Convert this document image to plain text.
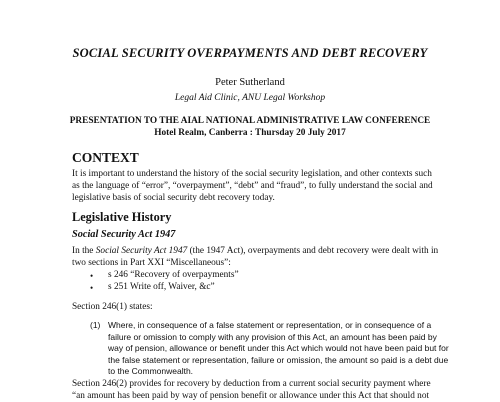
SOCIAL SECURITY OVERPAYMENTS AND DEBT RECOVERY
Peter Sutherland
Legal Aid Clinic, ANU Legal Workshop
PRESENTATION TO THE AIAL NATIONAL ADMINISTRATIVE LAW CONFERENCE
Hotel Realm, Canberra : Thursday 20 July 2017
CONTEXT
It is important to understand the history of the social security legislation, and other contexts such
as the language of “error”, “overpayment”, “debt” and “fraud”, to fully understand the social and
legislative basis of social security debt recovery today.
Legislative History
Social Security Act 1947
In the Social Security Act 1947 (the 1947 Act), overpayments and debt recovery were dealt with in
two sections in Part XXI “Miscellaneous”:
• s 246 “Recovery of overpayments”
• s 251 Write off, Waiver, &c”
Section 246(1) states:
(1) Where, in consequence of a false statement or representation, or in consequence of a
failure or omission to comply with any provision of this Act, an amount has been paid by
way of pension, allowance or benefit under this Act which would not have been paid but for
the false statement or representation, failure or omission, the amount so paid is a debt due
to the Commonwealth.
Section 246(2) provides for recovery by deduction from a current social security payment where
“an amount has been paid by way of pension benefit or allowance under this Act that should not
